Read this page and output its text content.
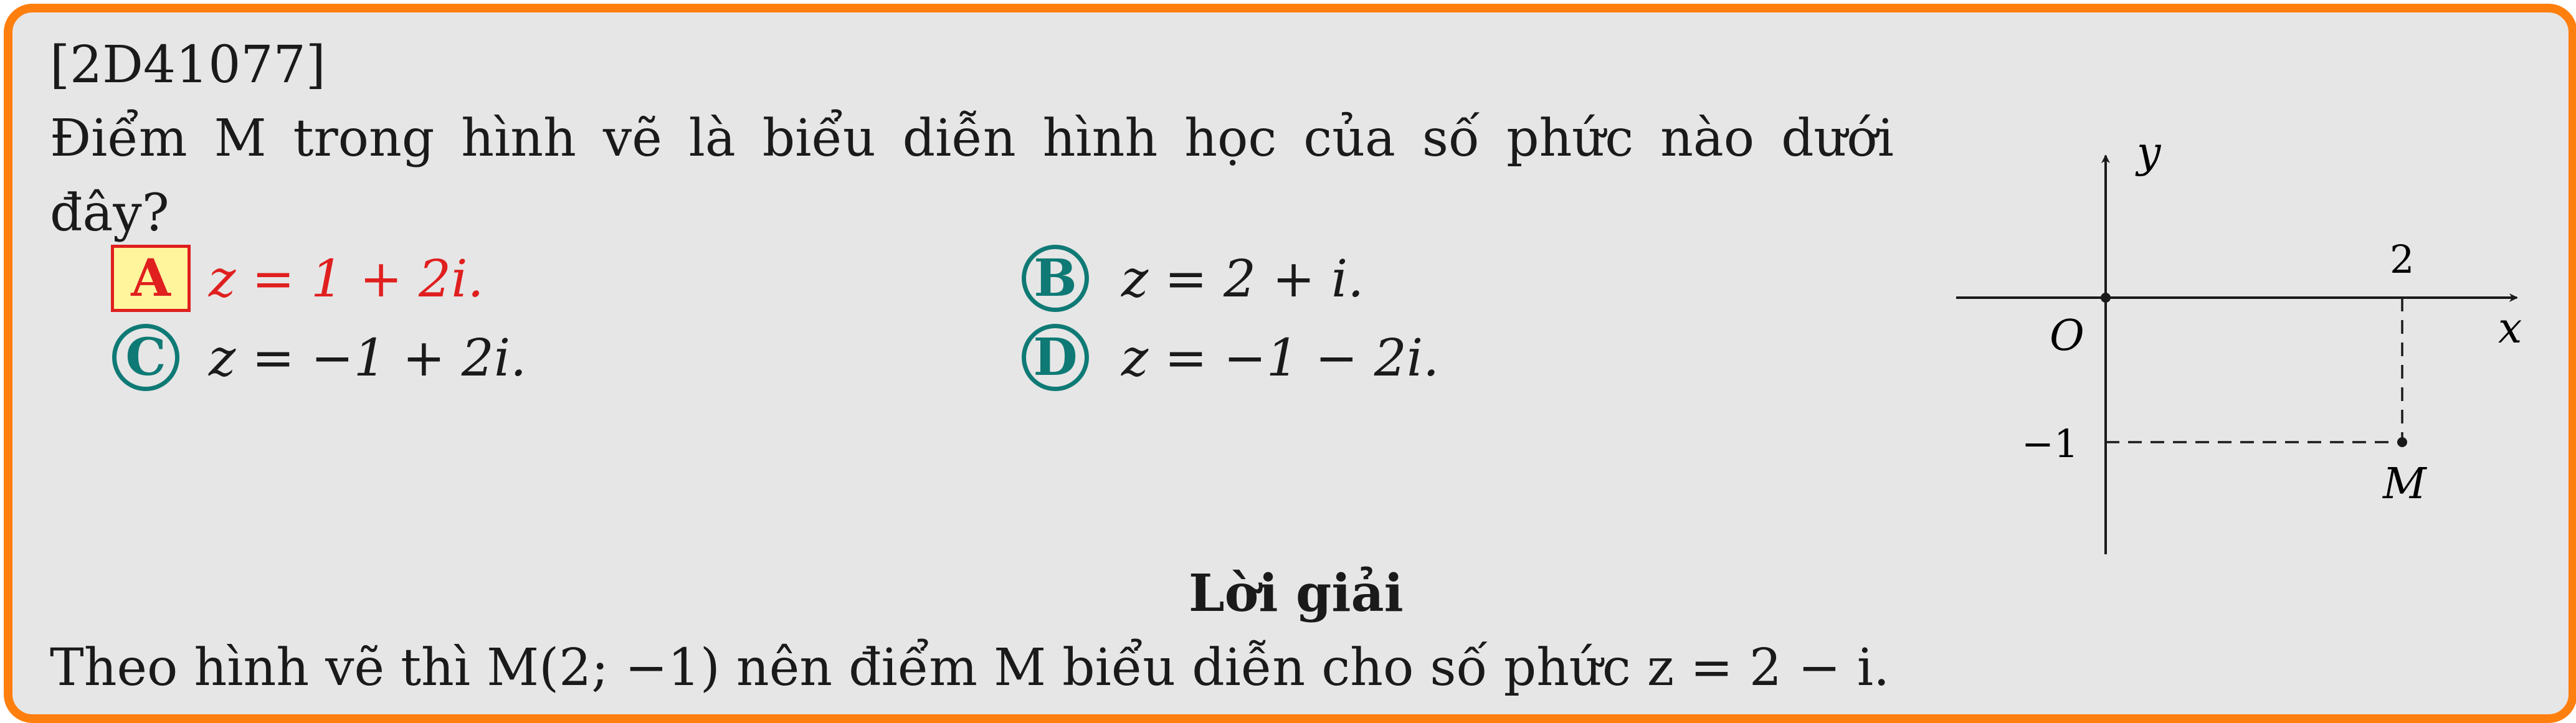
[2D41077]
Điểm M trong hình vẽ là biểu diễn hình học của số phức nào dưới
đây?
A z = 1 + 2i.	B z = 2 + i.
C z = −1 + 2i.	D z = −1 − 2i.
y
x
O
2
−1
M
Lời giải
Theo hình vẽ thì M(2; −1) nên điểm M biểu diễn cho số phức z = 2 − i.
